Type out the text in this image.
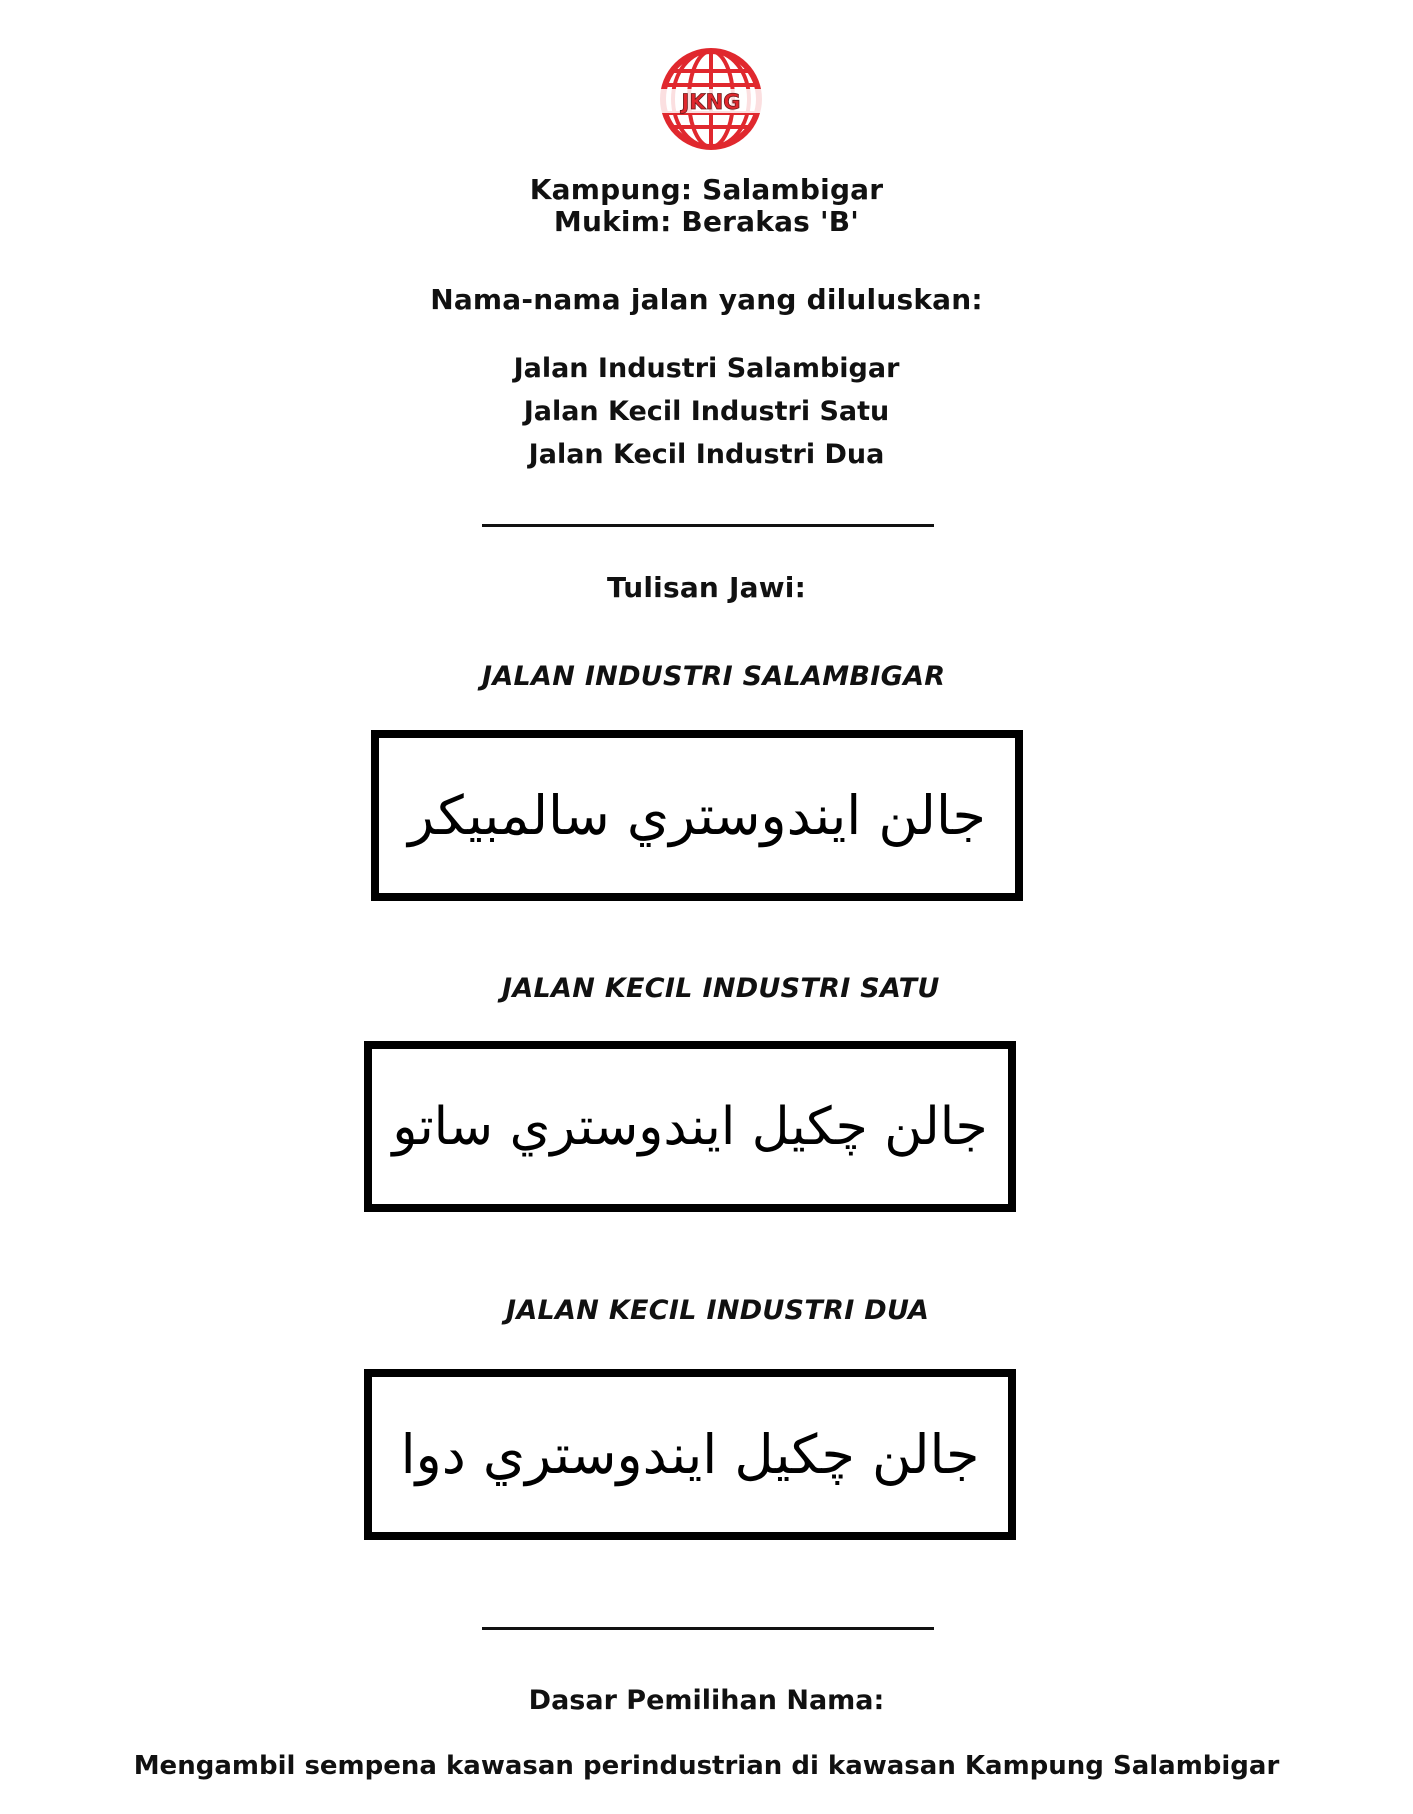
JKNG
Kampung: Salambigar
Mukim: Berakas 'B'
Nama-nama jalan yang diluluskan:
Jalan Industri Salambigar
Jalan Kecil Industri Satu
Jalan Kecil Industri Dua
Tulisan Jawi:
JALAN INDUSTRI SALAMBIGAR
جالن ايندوستري سالمبيکر
JALAN KECIL INDUSTRI SATU
جالن چکيل ايندوستري ساتو
JALAN KECIL INDUSTRI DUA
جالن چکيل ايندوستري دوا
Dasar Pemilihan Nama:
Mengambil sempena kawasan perindustrian di kawasan Kampung Salambigar
